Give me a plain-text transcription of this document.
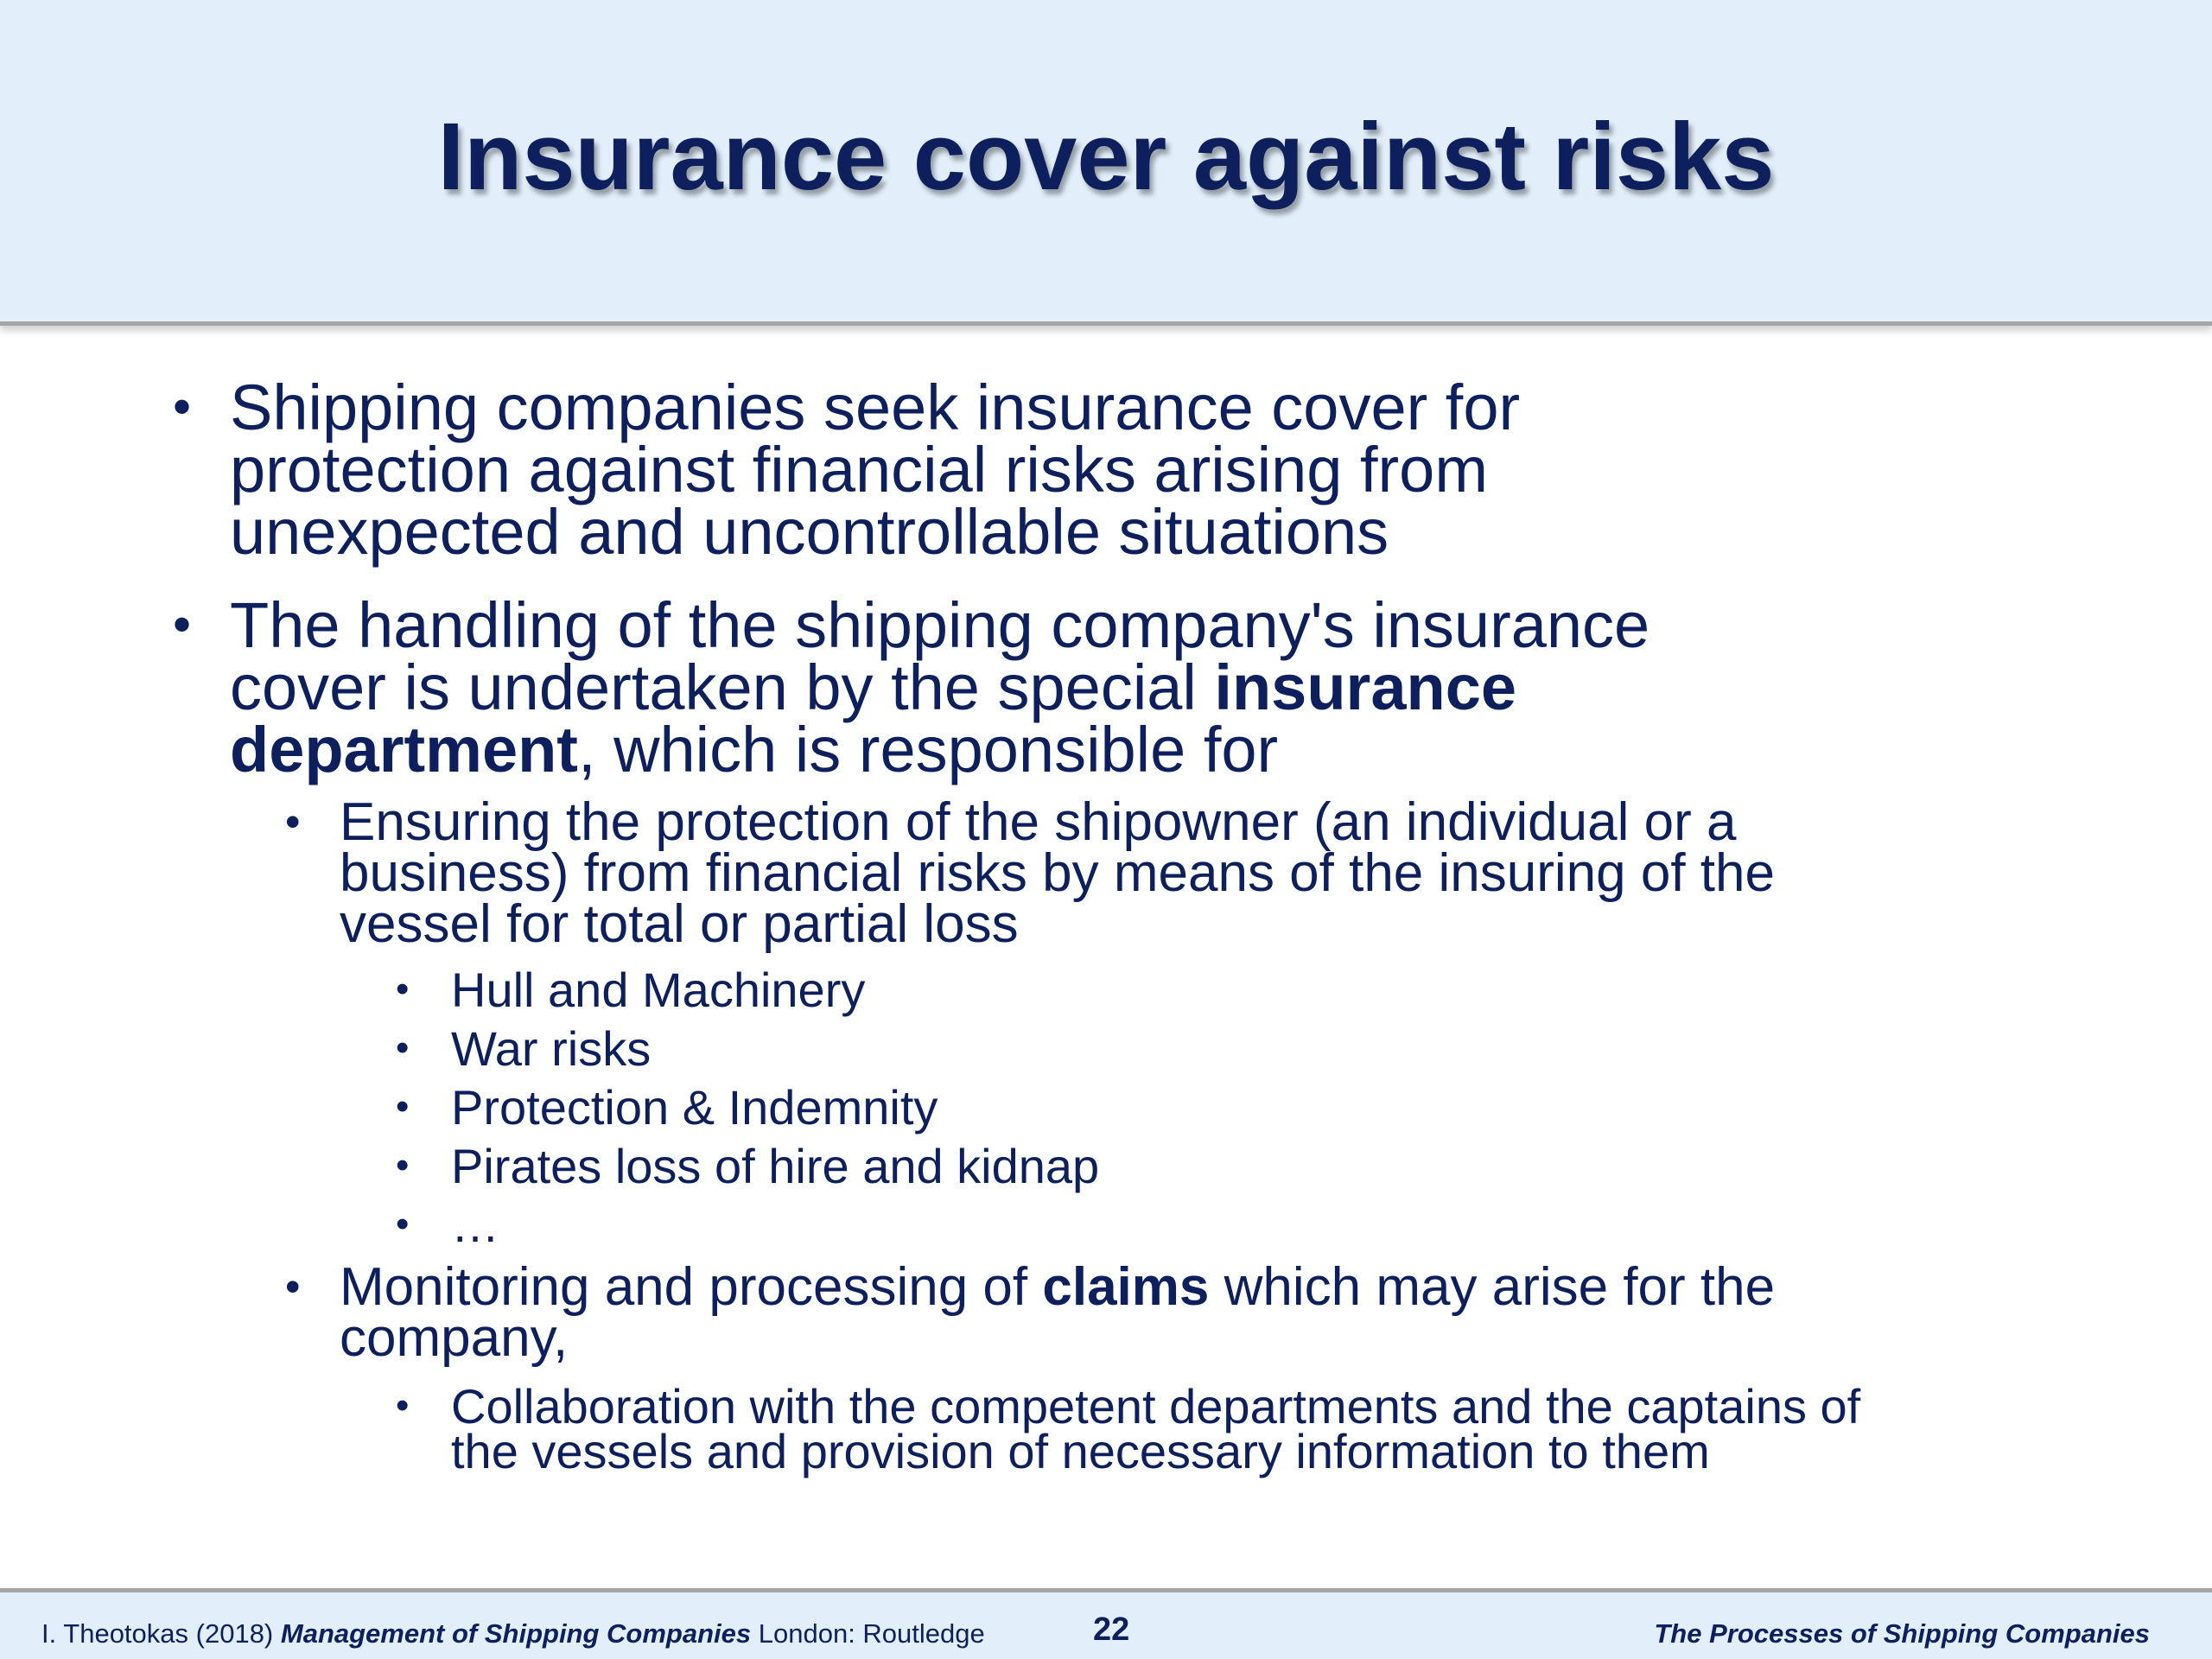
Insurance cover against risks
• Shipping companies seek insurance cover for
protection against financial risks arising from
unexpected and uncontrollable situations
• The handling of the shipping company's insurance
cover is undertaken by the special insurance
department, which is responsible for
• Ensuring the protection of the shipowner (an individual or a
business) from financial risks by means of the insuring of the
vessel for total or partial loss
• Hull and Machinery
• War risks
• Protection & Indemnity
• Pirates loss of hire and kidnap
• …
• Monitoring and processing of claims which may arise for the
company,
• Collaboration with the competent departments and the captains of
the vessels and provision of necessary information to them
I. Theotokas (2018) Management of Shipping Companies London: Routledge	22	The Processes of Shipping Companies
